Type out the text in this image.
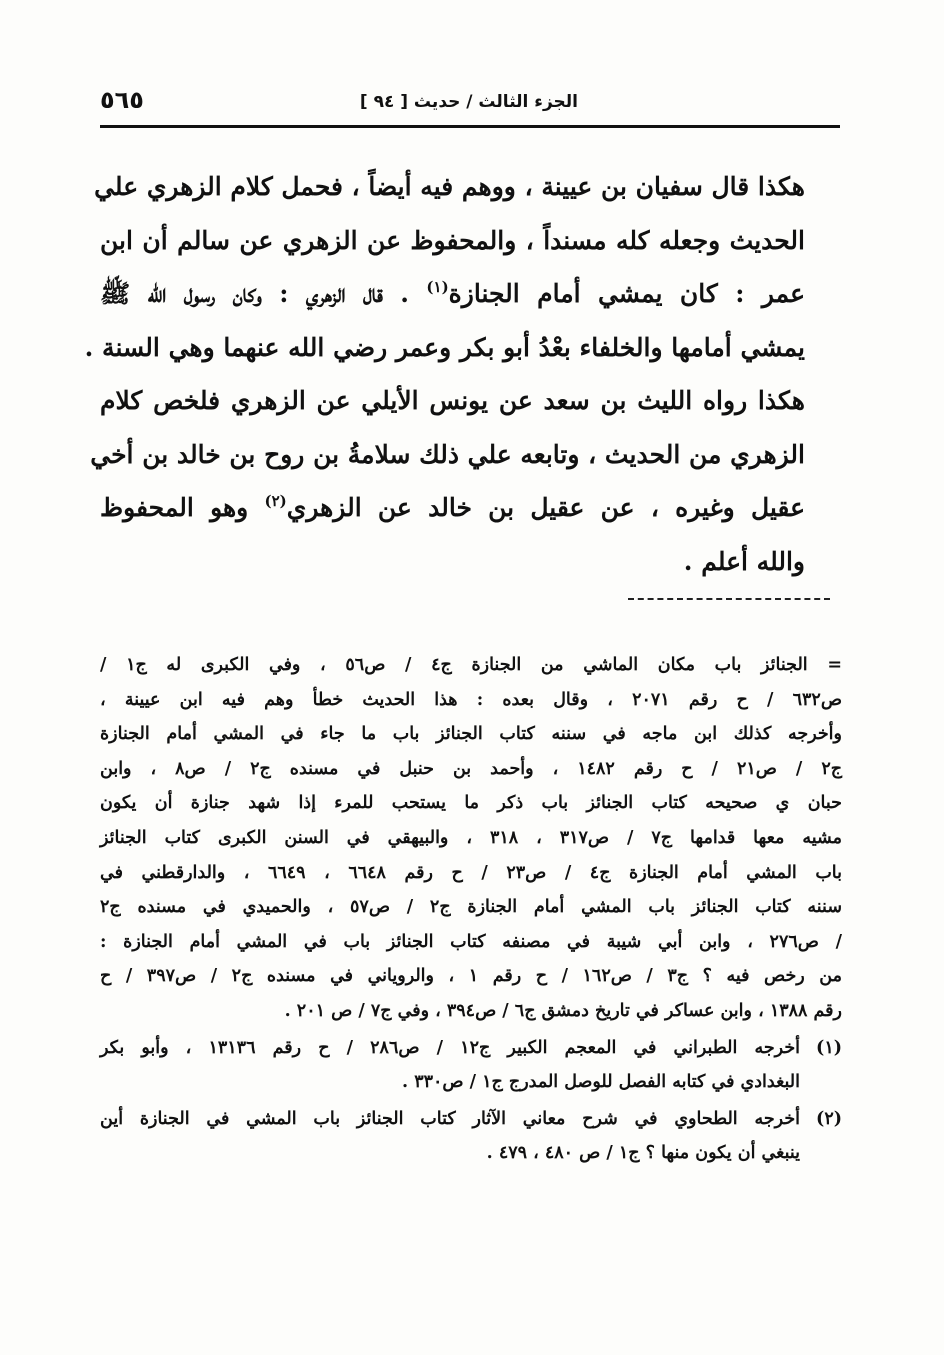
الجزء الثالث / حديث [ ٩٤ ]
٥٦٥

هكذا قال سفيان بن عيينة ، ووهم فيه أيضاً ، فحمل كلام الزهري علي
الحديث وجعله كله مسنداً ، والمحفوظ عن الزهري عن سالم أن ابن
عمر : كان يمشي أمام الجنازة$^{(١)}$ . قال الزهري : وكان رسول الله ﷺ
يمشي أمامها والخلفاء بعْدُ أبو بكر وعمر رضي الله عنهما وهي السنة .

هكذا رواه الليث بن سعد عن يونس الأيلي عن الزهري فلخص كلام
الزهري من الحديث ، وتابعه علي ذلك سلامةُ بن روح بن خالد بن أخي
عقيل وغيره ، عن عقيل بن خالد عن الزهري$^{(٢)}$ وهو المحفوظ
والله أعلم .

= الجنائز باب مكان الماشي من الجنازة ج٤ / ص٥٦ ، وفي الكبرى له ج١ /
ص٦٣٢ / ح رقم ٢٠٧١ ، وقال بعده : هذا الحديث خطأ وهم فيه ابن عيينة ،
وأخرجه كذلك ابن ماجه في سننه كتاب الجنائز باب ما جاء في المشي أمام الجنازة
ج٢ / ص٢١ / ح رقم ١٤٨٢ ، وأحمد بن حنبل في مسنده ج٢ / ص٨ ، وابن
حبان ي صحيحه كتاب الجنائز باب ذكر ما يستحب للمرء إذا شهد جنازة أن يكون
مشيه معها قدامها ج٧ / ص٣١٧ ، ٣١٨ ، والبيهقي في السنن الكبرى كتاب الجنائز
باب المشي أمام الجنازة ج٤ / ص٢٣ / ح رقم ٦٦٤٨ ، ٦٦٤٩ ، والدارقطني في
سننه كتاب الجنائز باب المشي أمام الجنازة ج٢ / ص٥٧ ، والحميدي في مسنده ج٢
/ ص٢٧٦ ، وابن أبي شيبة في مصنفه كتاب الجنائز باب في المشي أمام الجنازة :
من رخص فيه ؟ ج٣ / ص١٦٢ / ح رقم ١ ، والروياني في مسنده ج٢ / ص٣٩٧ / ح
رقم ١٣٨٨ ، وابن عساكر في تاريخ دمشق ج٦ / ص٣٩٤ ، وفي ج٧ / ص ٢٠١ .
(١)
أخرجه الطبراني في المعجم الكبير ج١٢ / ص٢٨٦ / ح رقم ١٣١٣٦ ، وأبو بكر
البغدادي في كتابه الفصل للوصل المدرج ج١ / ص٣٣٠ .
(٢)
أخرجه الطحاوي في شرح معاني الآثار كتاب الجنائز باب المشي في الجنازة أين
ينبغي أن يكون منها ؟ ج١ / ص ٤٨٠ ، ٤٧٩ .
